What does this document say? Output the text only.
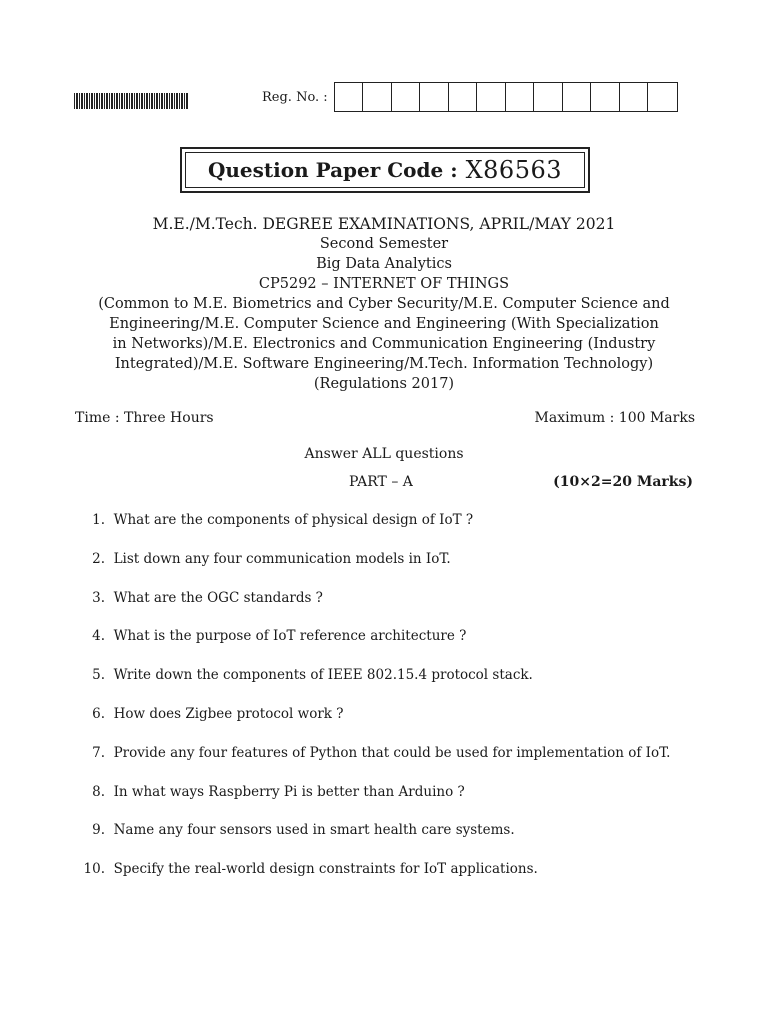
Reg. No. :
Question Paper Code : X86563
M.E./M.Tech. DEGREE EXAMINATIONS, APRIL/MAY 2021
Second Semester
Big Data Analytics
CP5292 – INTERNET OF THINGS
(Common to M.E. Biometrics and Cyber Security/M.E. Computer Science and
Engineering/M.E. Computer Science and Engineering (With Specialization
in Networks)/M.E. Electronics and Communication Engineering (Industry
Integrated)/M.E. Software Engineering/M.Tech. Information Technology)
(Regulations 2017)
Time : Three Hours	Maximum : 100 Marks
Answer ALL questions
PART – A	(10×2=20 Marks)
1.
What are the components of physical design of IoT ?
2.
List down any four communication models in IoT.
3.
What are the OGC standards ?
4.
What is the purpose of IoT reference architecture ?
5.
Write down the components of IEEE 802.15.4 protocol stack.
6.
How does Zigbee protocol work ?
7.
Provide any four features of Python that could be used for implementation of IoT.
8.
In what ways Raspberry Pi is better than Arduino ?
9.
Name any four sensors used in smart health care systems.
10.
Specify the real-world design constraints for IoT applications.
